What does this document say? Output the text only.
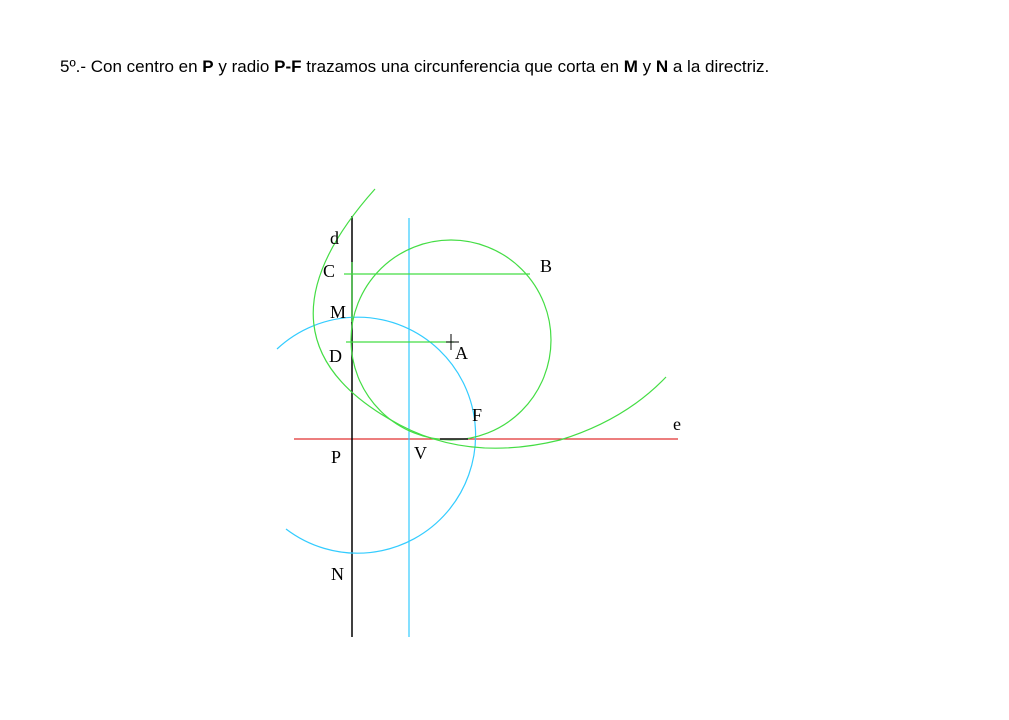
5º.- Con centro en P y radio P-F trazamos una circunferencia que corta en M y N a la directriz.
d
C	B
M
A
D
F	e
P	V
N
